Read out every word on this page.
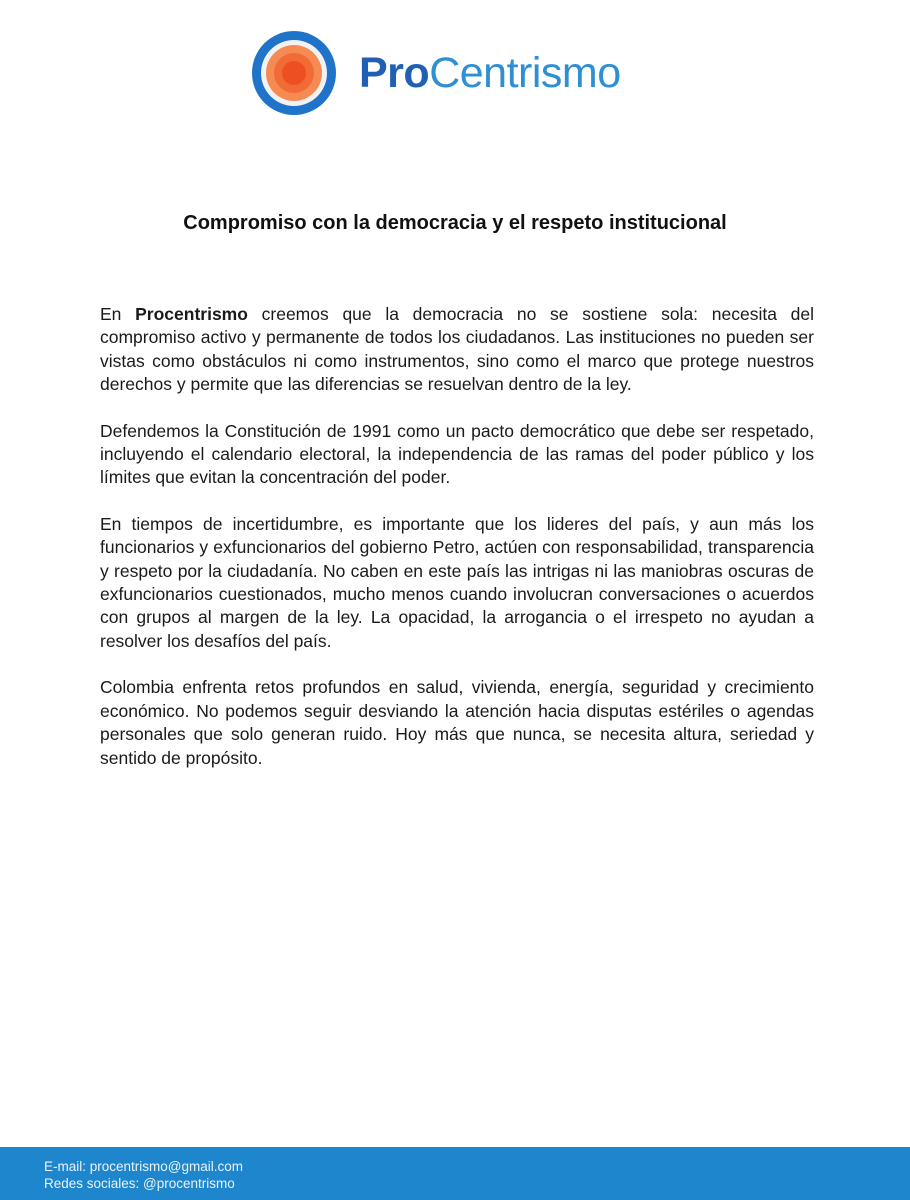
ProCentrismo
Compromiso con la democracia y el respeto institucional

En Procentrismo creemos que la democracia no se sostiene sola: necesita del compromiso activo y permanente de todos los ciudadanos. Las instituciones no pueden ser vistas como obstáculos ni como instrumentos, sino como el marco que protege nuestros derechos y permite que las diferencias se resuelvan dentro de la ley.

Defendemos la Constitución de 1991 como un pacto democrático que debe ser respetado, incluyendo el calendario electoral, la independencia de las ramas del poder público y los límites que evitan la concentración del poder.

En tiempos de incertidumbre, es importante que los lideres del país, y aun más los funcionarios y exfuncionarios del gobierno Petro, actúen con responsabilidad, transparencia y respeto por la ciudadanía. No caben en este país las intrigas ni las maniobras oscuras de exfuncionarios cuestionados, mucho menos cuando involucran conversaciones o acuerdos con grupos al margen de la ley. La opacidad, la arrogancia o el irrespeto no ayudan a resolver los desafíos del país.

Colombia enfrenta retos profundos en salud, vivienda, energía, seguridad y crecimiento económico. No podemos seguir desviando la atención hacia disputas estériles o agendas personales que solo generan ruido. Hoy más que nunca, se necesita altura, seriedad y sentido de propósito.

E-mail: procentrismo@gmail.com
Redes sociales: @procentrismo
